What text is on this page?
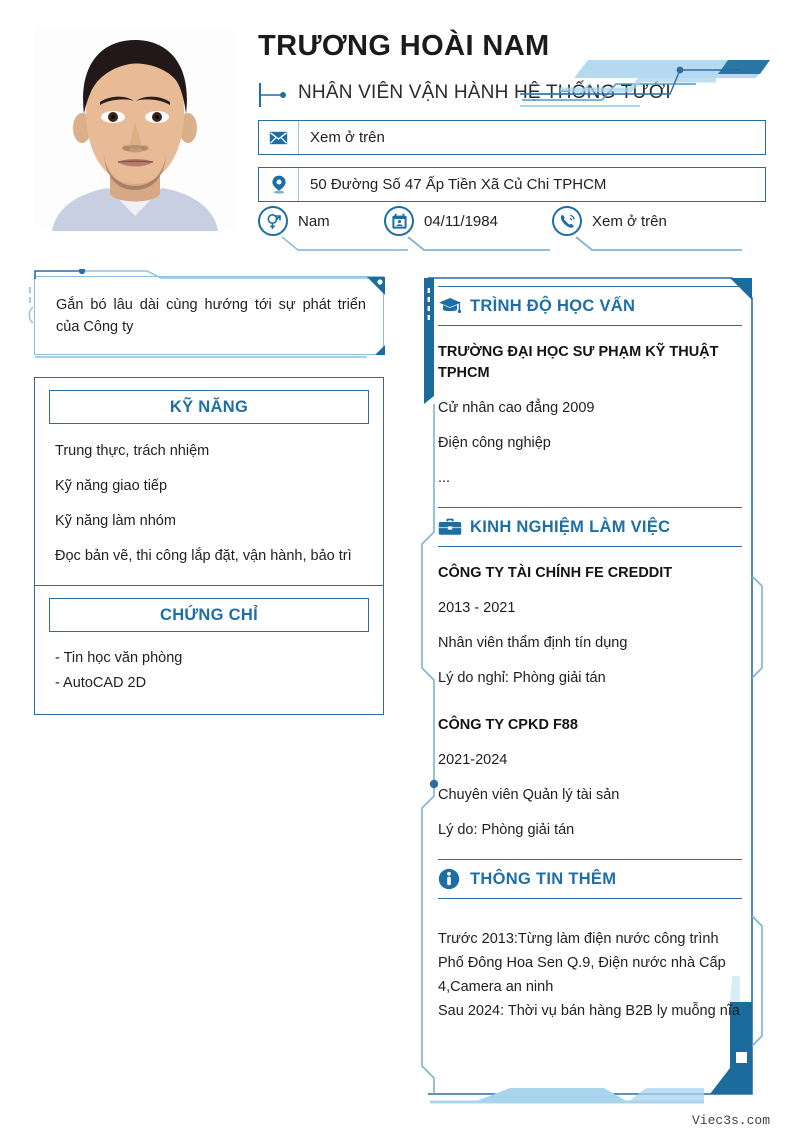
TRƯƠNG HOÀI NAM
NHÂN VIÊN VẬN HÀNH HỆ THỐNG TƯỚI
Xem ở trên
50 Đường Số 47 Ấp Tiền Xã Củ Chi TPHCM
Nam	04/11/1984	Xem ở trên
Gắn bó lâu dài cùng hướng tới sự phát triển của Công ty
KỸ NĂNG
Trung thực, trách nhiệm
Kỹ năng giao tiếp
Kỹ năng làm nhóm
Đọc bản vẽ, thi công lắp đặt, vận hành, bảo trì
CHỨNG CHỈ
- Tin học văn phòng
- AutoCAD 2D
TRÌNH ĐỘ HỌC VẤN
TRƯỜNG ĐẠI HỌC SƯ PHẠM KỸ THUẬT TPHCM
Cử nhân cao đẳng 2009
Điện công nghiệp
...
KINH NGHIỆM LÀM VIỆC
CÔNG TY TÀI CHÍNH FE CREDDIT
2013 - 2021
Nhân viên thẩm định tín dụng
Lý do nghỉ: Phòng giải tán
CÔNG TY CPKD F88
2021-2024
Chuyên viên Quản lý tài sản
Lý do: Phòng giải tán
THÔNG TIN THÊM
Trước 2013:Từng làm điện nước công trình Phố Đông Hoa Sen Q.9, Điện nước nhà Cấp 4,Camera an ninh
Sau 2024: Thời vụ bán hàng B2B ly muỗng nĩa
Viec3s.com
